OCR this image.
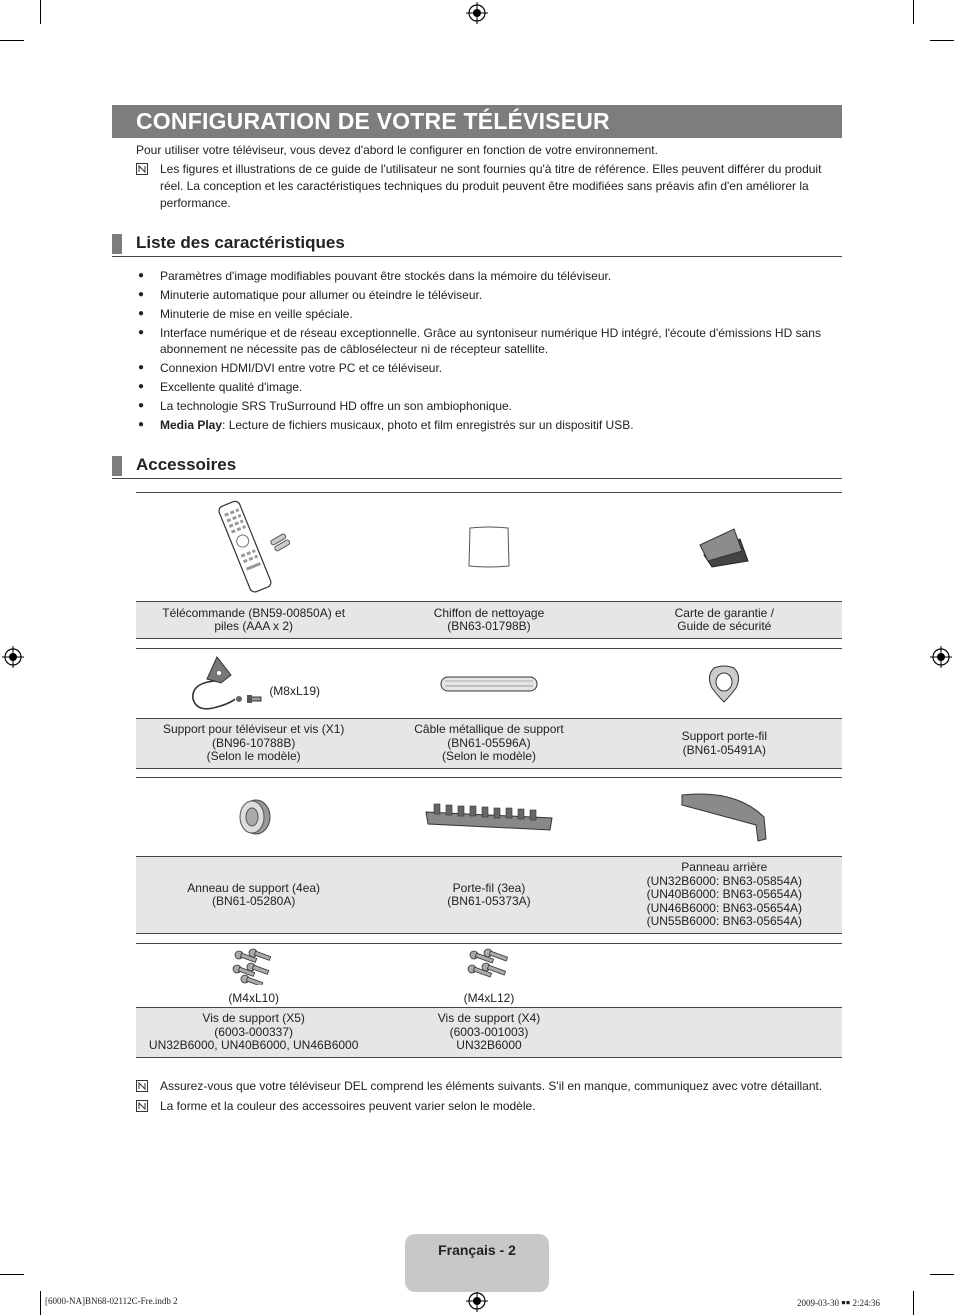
CONFIGURATION DE VOTRE TÉLÉVISEUR
Pour utiliser votre téléviseur, vous devez d'abord le configurer en fonction de votre environnement.
Les figures et illustrations de ce guide de l'utilisateur ne sont fournies qu'à titre de référence. Elles peuvent différer du produit réel. La conception et les caractéristiques techniques du produit peuvent être modifiées sans préavis afin d'en améliorer la performance.
Liste des caractéristiques
● Paramètres d'image modifiables pouvant être stockés dans la mémoire du téléviseur.
● Minuterie automatique pour allumer ou éteindre le téléviseur.
● Minuterie de mise en veille spéciale.
● Interface numérique et de réseau exceptionnelle. Grâce au syntoniseur numérique HD intégré, l'écoute d'émissions HD sans abonnement ne nécessite pas de câblosélecteur ni de récepteur satellite.
● Connexion HDMI/DVI entre votre PC et ce téléviseur.
● Excellente qualité d'image.
● La technologie SRS TruSurround HD offre un son ambiophonique.
● Media Play: Lecture de fichiers musicaux, photo et film enregistrés sur un dispositif USB.
Accessoires
Télécommande (BN59-00850A) et
piles (AAA x 2)
Chiffon de nettoyage
(BN63-01798B)
Carte de garantie /
Guide de sécurité
(M8xL19)
Support pour téléviseur et vis (X1)
(BN96-10788B)
(Selon le modèle)
Câble métallique de support
(BN61-05596A)
(Selon le modèle)
Support porte-fil
(BN61-05491A)
Anneau de support (4ea)
(BN61-05280A)
Porte-fil (3ea)
(BN61-05373A)
Panneau arrière
(UN32B6000: BN63-05854A)
(UN40B6000: BN63-05654A)
(UN46B6000: BN63-05654A)
(UN55B6000: BN63-05654A)
(M4xL10)	(M4xL12)
Vis de support (X5)
(6003-000337)
UN32B6000, UN40B6000, UN46B6000
Vis de support (X4)
(6003-001003)
UN32B6000
Assurez-vous que votre téléviseur DEL comprend les éléments suivants. S'il en manque, communiquez avec votre détaillant.
La forme et la couleur des accessoires peuvent varier selon le modèle.
Français - 2
[6000-NA]BN68-02112C-Fre.indb 2	2009-03-30 ￭￭ 2:24:36
